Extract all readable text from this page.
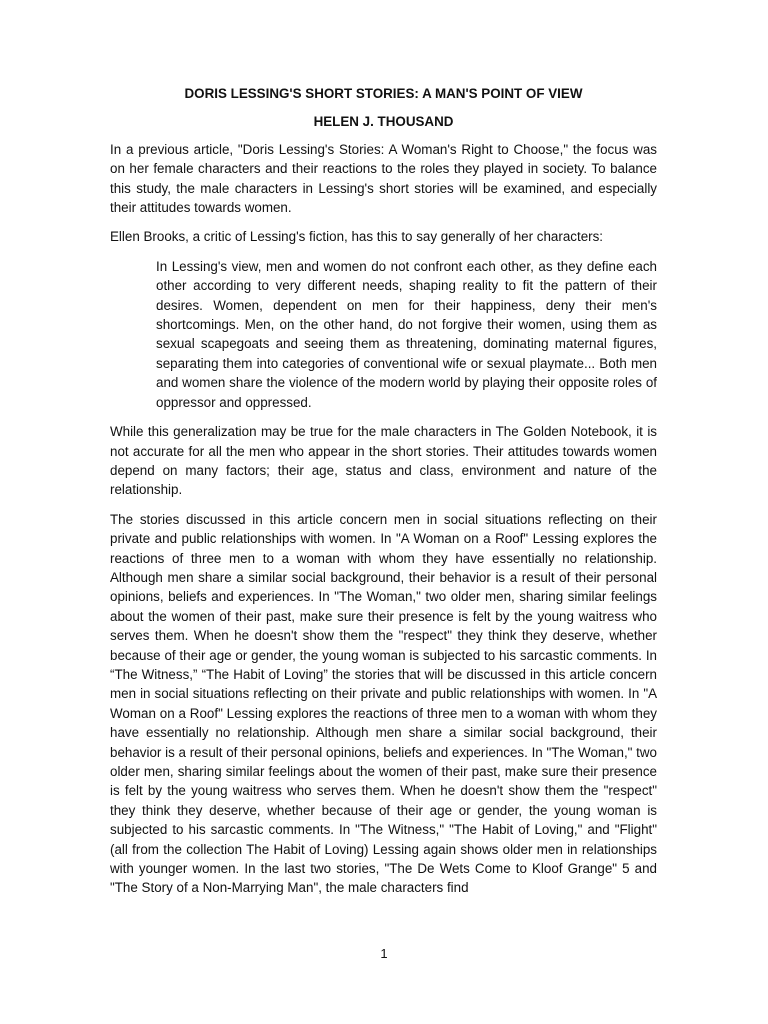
DORIS LESSING'S SHORT STORIES: A MAN'S POINT OF VIEW
HELEN J. THOUSAND

In a previous article, "Doris Lessing's Stories: A Woman's Right to Choose," the focus was on her female characters and their reactions to the roles they played in society. To balance this study, the male characters in Lessing's short stories will be examined, and especially their attitudes towards women.

Ellen Brooks, a critic of Lessing's fiction, has this to say generally of her characters:

In Lessing's view, men and women do not confront each other, as they define each other according to very different needs, shaping reality to fit the pattern of their desires. Women, dependent on men for their happiness, deny their men's shortcomings. Men, on the other hand, do not forgive their women, using them as sexual scapegoats and seeing them as threatening, dominating maternal figures, separating them into categories of conventional wife or sexual playmate... Both men and women share the violence of the modern world by playing their opposite roles of oppressor and oppressed.

While this generalization may be true for the male characters in The Golden Notebook, it is not accurate for all the men who appear in the short stories. Their attitudes towards women depend on many factors; their age, status and class, environment and nature of the relationship.

The stories discussed in this article concern men in social situations reflecting on their private and public relationships with women. In "A Woman on a Roof" Lessing explores the reactions of three men to a woman with whom they have essentially no relationship. Although men share a similar social background, their behavior is a result of their personal opinions, beliefs and experiences. In "The Woman," two older men, sharing similar feelings about the women of their past, make sure their presence is felt by the young waitress who serves them. When he doesn't show them the "respect" they think they deserve, whether because of their age or gender, the young woman is subjected to his sarcastic comments. In “The Witness,” “The Habit of Loving” the stories that will be discussed in this article concern men in social situations reflecting on their private and public relationships with women. In "A Woman on a Roof" Lessing explores the reactions of three men to a woman with whom they have essentially no relationship. Although men share a similar social background, their behavior is a result of their personal opinions, beliefs and experiences. In "The Woman," two older men, sharing similar feelings about the women of their past, make sure their presence is felt by the young waitress who serves them. When he doesn't show them the "respect" they think they deserve, whether because of their age or gender, the young woman is subjected to his sarcastic comments. In "The Witness," "The Habit of Loving," and "Flight" (all from the collection The Habit of Loving) Lessing again shows older men in relationships with younger women. In the last two stories, "The De Wets Come to Kloof Grange" 5 and "The Story of a Non-Marrying Man", the male characters find

1
